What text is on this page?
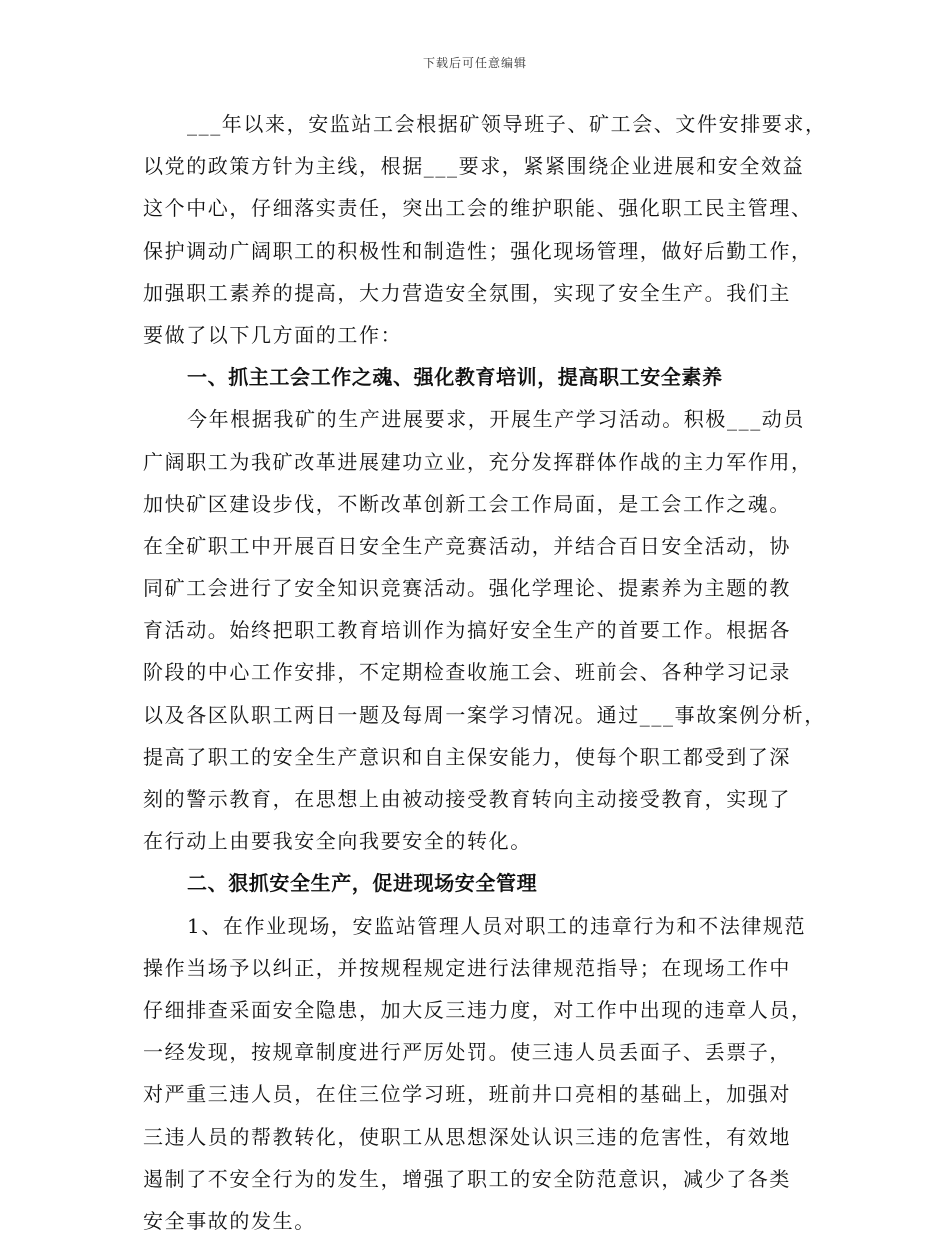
下载后可任意编辑
___年以来，安监站工会根据矿领导班子、矿工会、文件安排要求，
以党的政策方针为主线，根据___要求，紧紧围绕企业进展和安全效益
这个中心，仔细落实责任，突出工会的维护职能、强化职工民主管理、
保护调动广阔职工的积极性和制造性；强化现场管理，做好后勤工作，
加强职工素养的提高，大力营造安全氛围，实现了安全生产。我们主
要做了以下几方面的工作：
一、抓主工会工作之魂、强化教育培训，提高职工安全素养
今年根据我矿的生产进展要求，开展生产学习活动。积极___动员
广阔职工为我矿改革进展建功立业，充分发挥群体作战的主力军作用，
加快矿区建设步伐，不断改革创新工会工作局面，是工会工作之魂。
在全矿职工中开展百日安全生产竞赛活动，并结合百日安全活动，协
同矿工会进行了安全知识竞赛活动。强化学理论、提素养为主题的教
育活动。始终把职工教育培训作为搞好安全生产的首要工作。根据各
阶段的中心工作安排，不定期检查收施工会、班前会、各种学习记录
以及各区队职工两日一题及每周一案学习情况。通过___事故案例分析，
提高了职工的安全生产意识和自主保安能力，使每个职工都受到了深
刻的警示教育，在思想上由被动接受教育转向主动接受教育，实现了
在行动上由要我安全向我要安全的转化。
二、狠抓安全生产，促进现场安全管理
1、在作业现场，安监站管理人员对职工的违章行为和不法律规范
操作当场予以纠正，并按规程规定进行法律规范指导；在现场工作中
仔细排查采面安全隐患，加大反三违力度，对工作中出现的违章人员，
一经发现，按规章制度进行严厉处罚。使三违人员丢面子、丢票子，
对严重三违人员，在住三位学习班，班前井口亮相的基础上，加强对
三违人员的帮教转化，使职工从思想深处认识三违的危害性，有效地
遏制了不安全行为的发生，增强了职工的安全防范意识，减少了各类
安全事故的发生。
